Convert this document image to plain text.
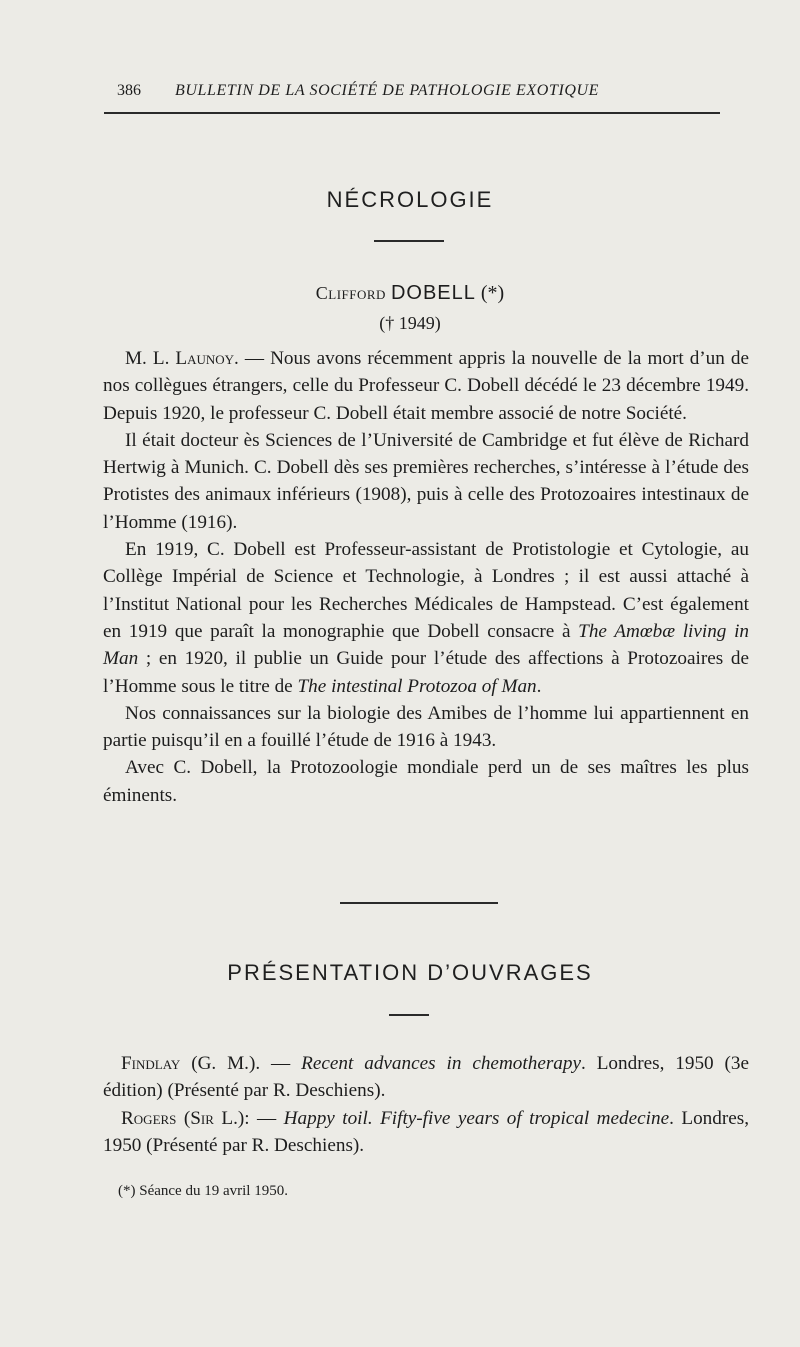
386 BULLETIN DE LA SOCIÉTÉ DE PATHOLOGIE EXOTIQUE
NÉCROLOGIE
Clifford DOBELL (*)
(† 1949)

M. L. Launoy. — Nous avons récemment appris la nouvelle de la mort d’un de nos collègues étrangers, celle du Professeur C. Dobell décédé le 23 décembre 1949. Depuis 1920, le professeur C. Dobell était membre associé de notre Société.

Il était docteur ès Sciences de l’Université de Cambridge et fut élève de Richard Hertwig à Munich. C. Dobell dès ses premières recherches, s’intéresse à l’étude des Protistes des animaux inférieurs (1908), puis à celle des Protozoaires intestinaux de l’Homme (1916).

En 1919, C. Dobell est Professeur-assistant de Protistologie et Cytologie, au Collège Impérial de Science et Technologie, à Londres ; il est aussi attaché à l’Institut National pour les Recherches Médicales de Hampstead. C’est également en 1919 que paraît la monographie que Dobell consacre à The Amœbæ living in Man ; en 1920, il publie un Guide pour l’étude des affections à Protozoaires de l’Homme sous le titre de The intestinal Protozoa of Man.

Nos connaissances sur la biologie des Amibes de l’homme lui appartiennent en partie puisqu’il en a fouillé l’étude de 1916 à 1943.

Avec C. Dobell, la Protozoologie mondiale perd un de ses maîtres les plus éminents.

PRÉSENTATION D’OUVRAGES

Findlay (G. M.). — Recent advances in chemotherapy. Londres, 1950 (3e édition) (Présenté par R. Deschiens).

Rogers (Sir L.): — Happy toil. Fifty-five years of tropical medecine. Londres, 1950 (Présenté par R. Deschiens).

(*) Séance du 19 avril 1950.
